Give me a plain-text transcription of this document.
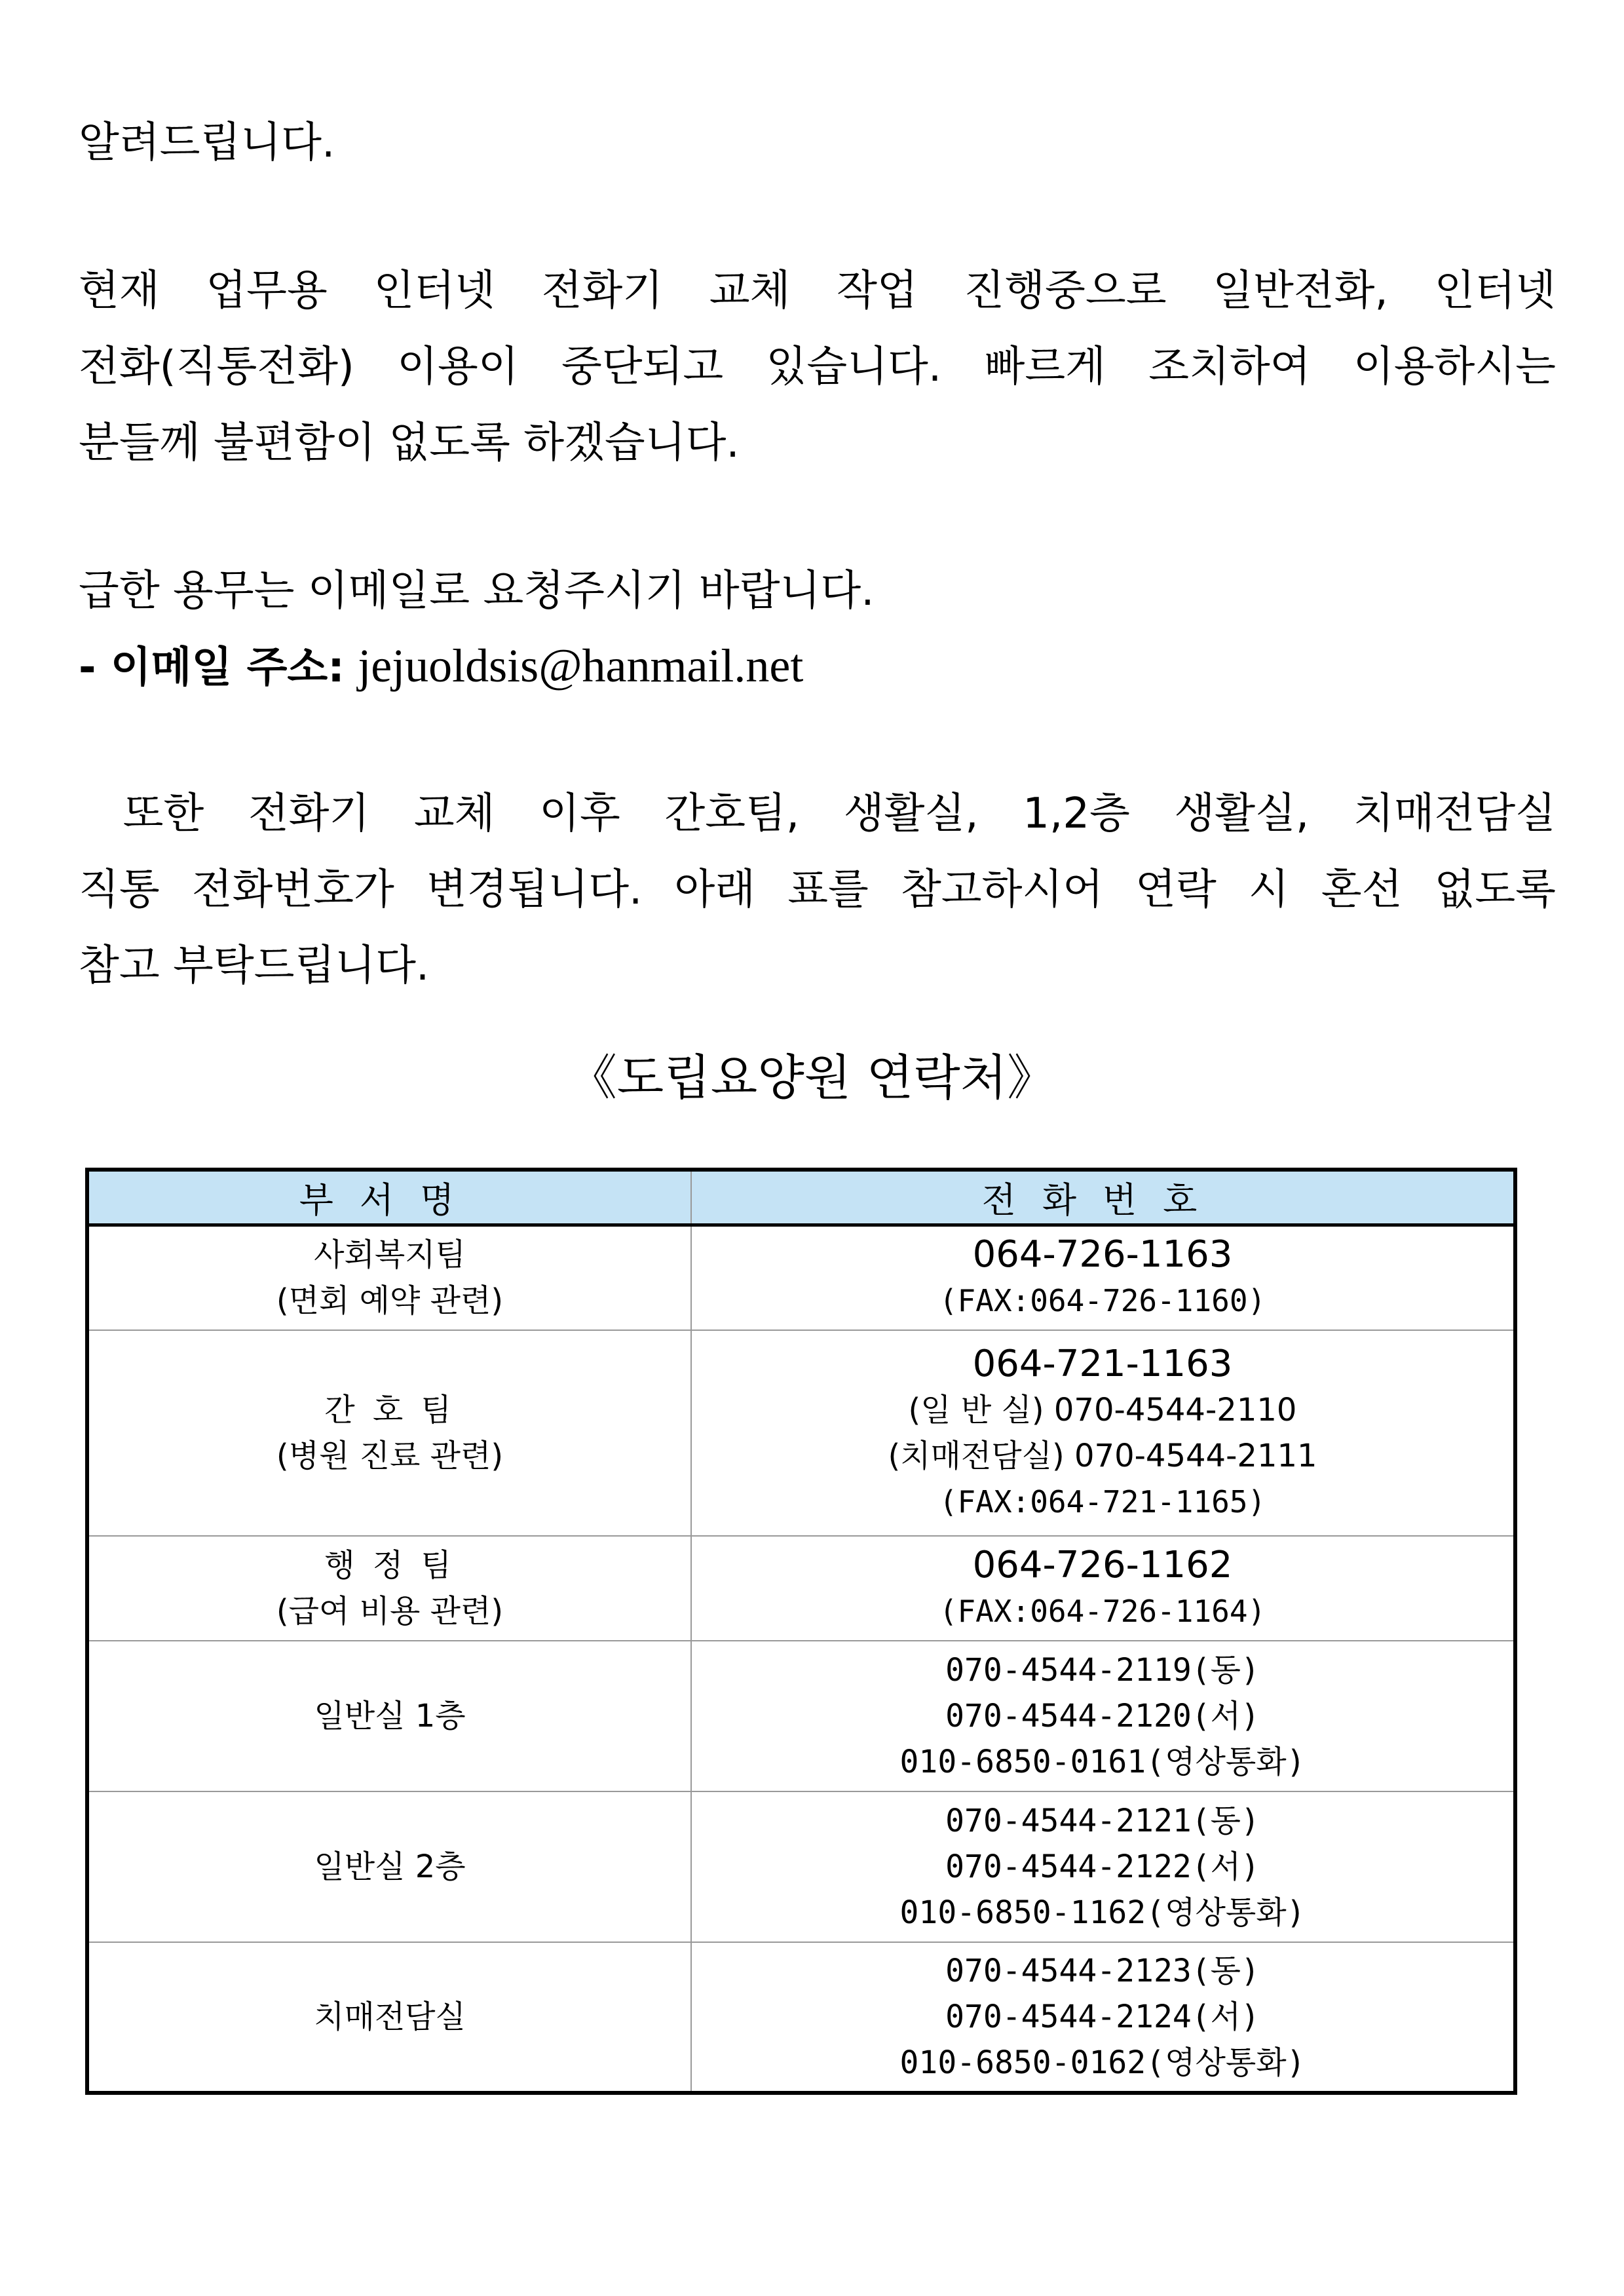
알려드립니다.
현재 업무용 인터넷 전화기 교체 작업 진행중으로 일반전화, 인터넷
전화(직통전화) 이용이 중단되고 있습니다. 빠르게 조치하여 이용하시는
분들께 불편함이 없도록 하겠습니다.
급한 용무는 이메일로 요청주시기 바랍니다.
- 이메일 주소: jejuoldsis@hanmail.net
또한 전화기 교체 이후 간호팀, 생활실, 1,2층 생활실, 치매전담실
직통 전화번호가 변경됩니다. 아래 표를 참고하시어 연락 시 혼선 없도록
참고 부탁드립니다.
《도립요양원 연락처》
부서명	전화번호

사회복지팀
(면회 예약 관련)	064-726-1163
(FAX:064-726-1160)

간 호 팀
(병원 진료 관련)	064-721-1163
(일 반 실) 070-4544-2110
(치매전담실) 070-4544-2111
(FAX:064-721-1165)

행 정 팀
(급여 비용 관련)	064-726-1162
(FAX:064-726-1164)

일반실 1층	070-4544-2119(동)
070-4544-2120(서)
010-6850-0161(영상통화)

일반실 2층	070-4544-2121(동)
070-4544-2122(서)
010-6850-1162(영상통화)

치매전담실	070-4544-2123(동)
070-4544-2124(서)
010-6850-0162(영상통화)
